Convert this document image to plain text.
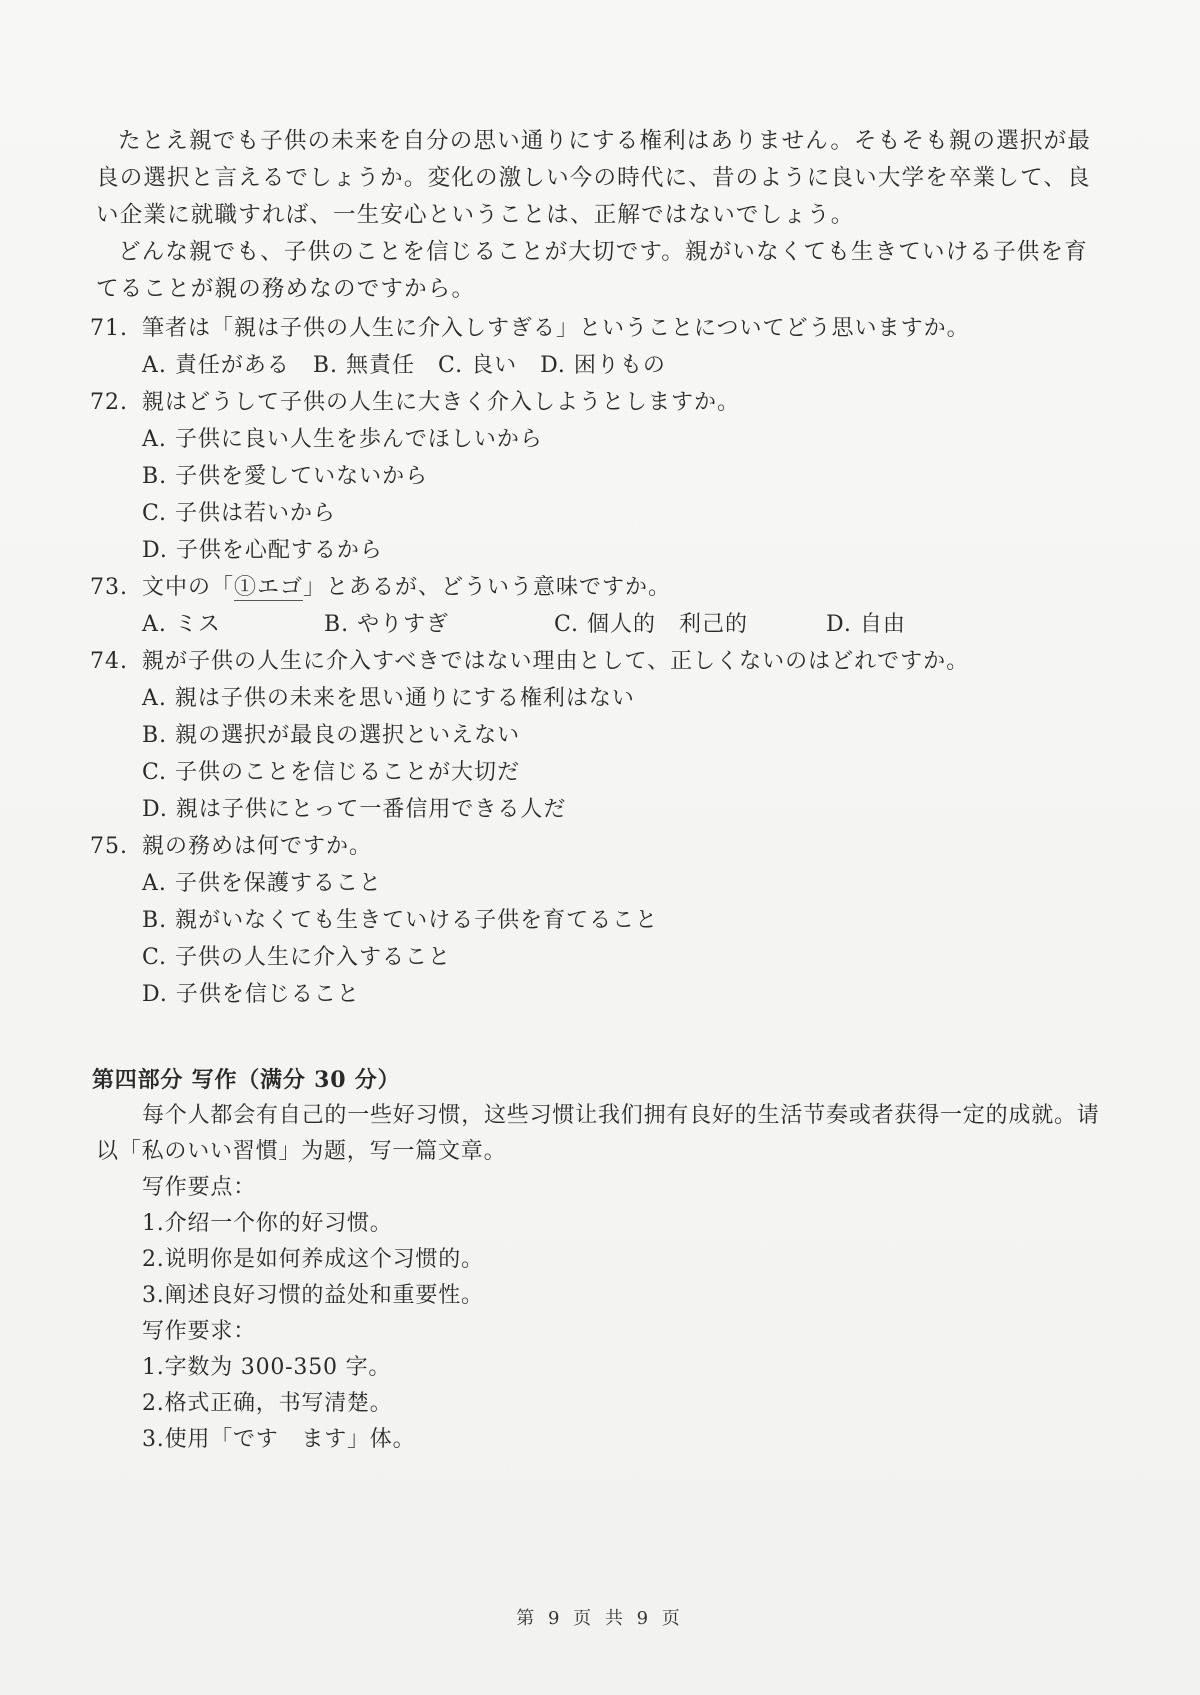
たとえ親でも子供の未来を自分の思い通りにする権利はありません。そもそも親の選択が最良の選択と言えるでしょうか。変化の激しい今の時代に、昔のように良い大学を卒業して、良い企業に就職すれば、一生安心ということは、正解ではないでしょう。

どんな親でも、子供のことを信じることが大切です。親がいなくても生きていける子供を育てることが親の務めなのですから。

71. 筆者は「親は子供の人生に介入しすぎる」ということについてどう思いますか。
A. 責任がある　B. 無責任　C. 良い　D. 困りもの
72. 親はどうして子供の人生に大きく介入しようとしますか。
A. 子供に良い人生を歩んでほしいから
B. 子供を愛していないから
C. 子供は若いから
D. 子供を心配するから
73. 文中の「①エゴ」とあるが、どういう意味ですか。
A. ミス	B. やりすぎ	C. 個人的　利己的	D. 自由
74. 親が子供の人生に介入すべきではない理由として、正しくないのはどれですか。
A. 親は子供の未来を思い通りにする権利はない
B. 親の選択が最良の選択といえない
C. 子供のことを信じることが大切だ
D. 親は子供にとって一番信用できる人だ
75. 親の務めは何ですか。
A. 子供を保護すること
B. 親がいなくても生きていける子供を育てること
C. 子供の人生に介入すること
D. 子供を信じること
第四部分 写作（满分 30 分）
每个人都会有自己的一些好习惯，这些习惯让我们拥有良好的生活节奏或者获得一定的成就。请以「私のいい習慣」为题，写一篇文章。
写作要点：
1.介绍一个你的好习惯。
2.说明你是如何养成这个习惯的。
3.阐述良好习惯的益处和重要性。
写作要求：
1.字数为 300-350 字。
2.格式正确，书写清楚。
3.使用「です　ます」体。
第 9 页 共 9 页
